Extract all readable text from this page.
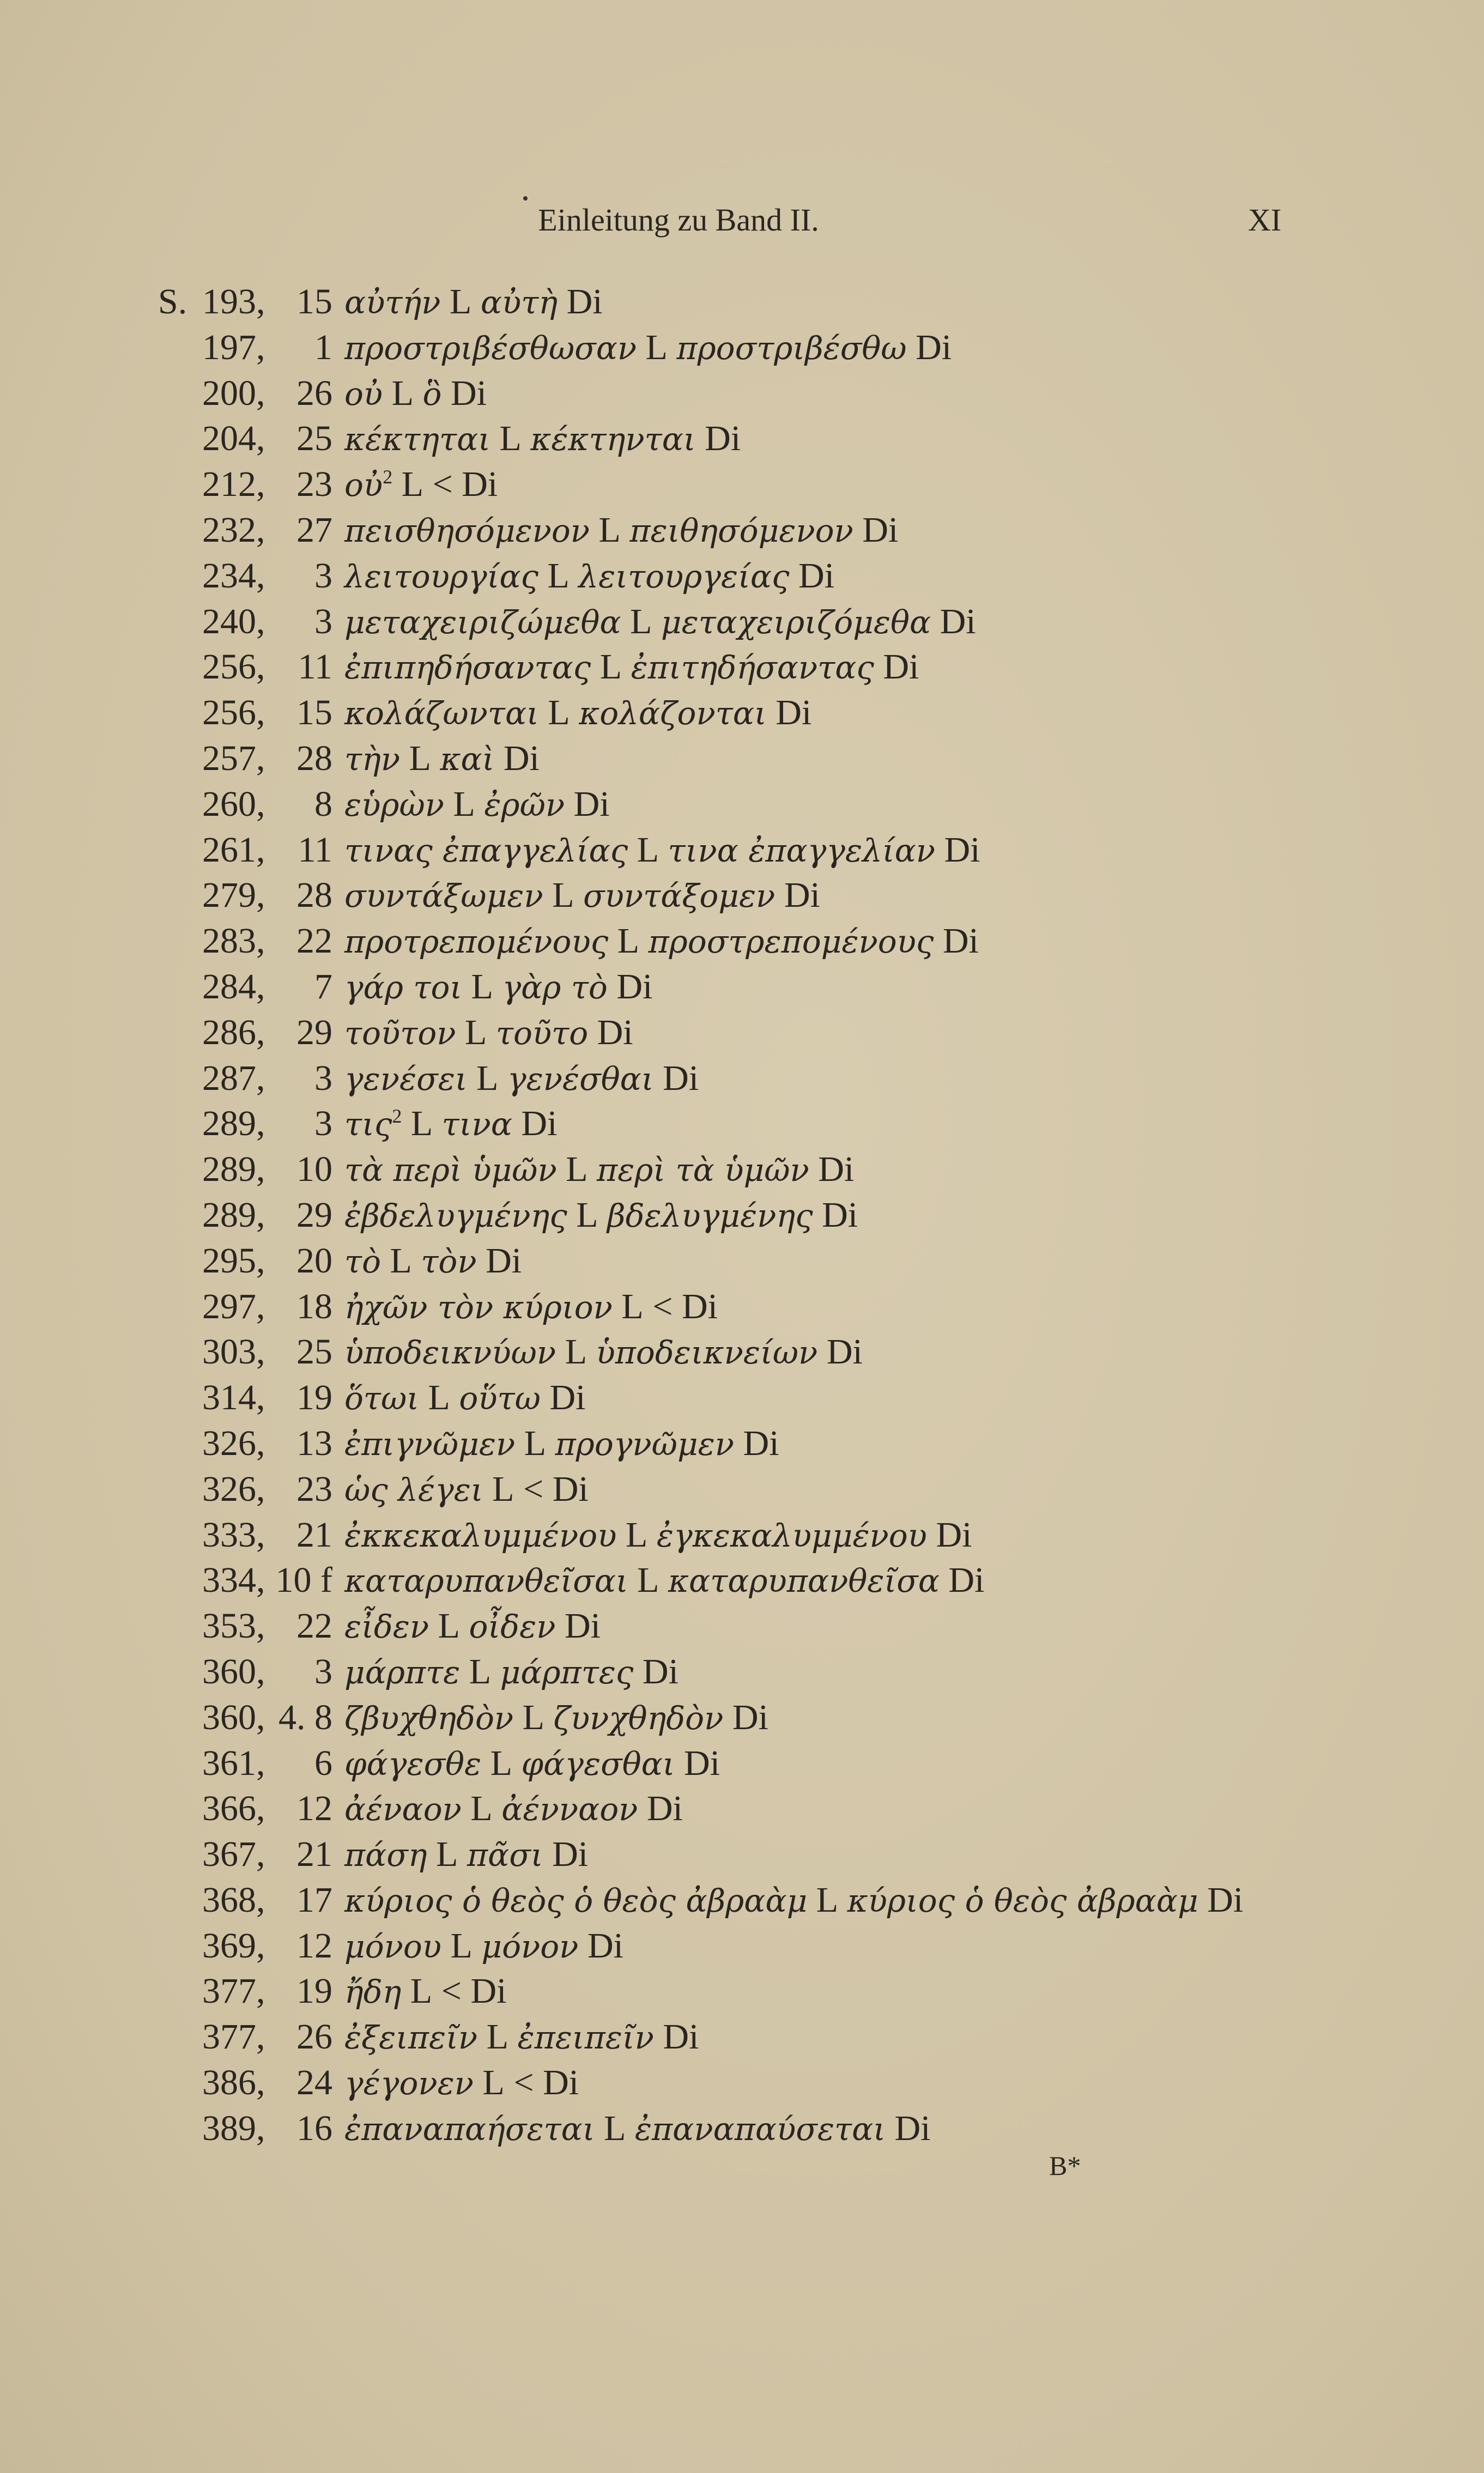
Einleitung zu Band II.	XI
S. 193 , 15 αὐτήν L αὐτὴ Di
197 ,	1 προστριβέσθωσαν L προστριβέσθω Di
200 , 26 οὐ L ὃ Di
204 , 25 κέκτηται L κέκτηνται Di
212 , 23 οὐ$^2$ L < Di
232 , 27 πεισθησόμενον L πειθησόμενον Di
234 ,	3 λειτουργίας L λειτουργείας Di
240 ,	3 μεταχειριζώμεθα L μεταχειριζόμεθα Di
256 , 11 ἐπιπηδήσαντας L ἐπιτηδήσαντας Di
256 , 15 κολάζωνται L κολάζονται Di
257 , 28 τὴν L καὶ Di
260 ,	8 εὑρὼν L ἐρῶν Di
261 , 11 τινας ἐπαγγελίας L τινα ἐπαγγελίαν Di
279 , 28 συντάξωμεν L συντάξομεν Di
283 , 22 προτρεπομένους L προστρεπομένους Di
284 ,	7 γάρ τοι L γὰρ τὸ Di
286 , 29 τοῦτον L τοῦτο Di
287 ,	3 γενέσει L γενέσθαι Di
289 ,	3 τις$^2$ L τινα Di
289 , 10 τὰ περὶ ὑμῶν L περὶ τὰ ὑμῶν Di
289 , 29 ἐβδελυγμένης L βδελυγμένης Di
295 , 20 τὸ L τὸν Di
297 , 18 ἠχῶν τὸν κύριον L < Di
303 , 25 ὑποδεικνύων L ὑποδεικνείων Di
314 , 19 ὅτωι L οὕτω Di
326 , 13 ἐπιγνῶμεν L προγνῶμεν Di
326 , 23 ὡς λέγει L < Di
333 , 21 ἐκκεκαλυμμένου L ἐγκεκαλυμμένου Di
334 , 10 f καταρυπανθεῖσαι L καταρυπανθεῖσα Di
353 , 22 εἶδεν L οἶδεν Di
360 ,	3 μάρπτε L μάρπτες Di
360 , 4. 8 ζβυχθηδὸν L ζυνχθηδὸν Di
361 ,	6 φάγεσθε L φάγεσθαι Di
366 , 12 ἀέναον L ἀένναον Di
367 , 21 πάση L πᾶσι Di
368 , 17 κύριος ὁ θεὸς ὁ θεὸς ἀβραὰμ L κύριος ὁ θεὸς ἀβραὰμ Di
369 , 12 μόνου L μόνον Di
377 , 19 ἤδη L < Di
377 , 26 ἐξειπεῖν L ἐπειπεῖν Di
386 , 24 γέγονεν L < Di
389 , 16 ἐπαναπαήσεται L ἐπαναπαύσεται Di
B*
